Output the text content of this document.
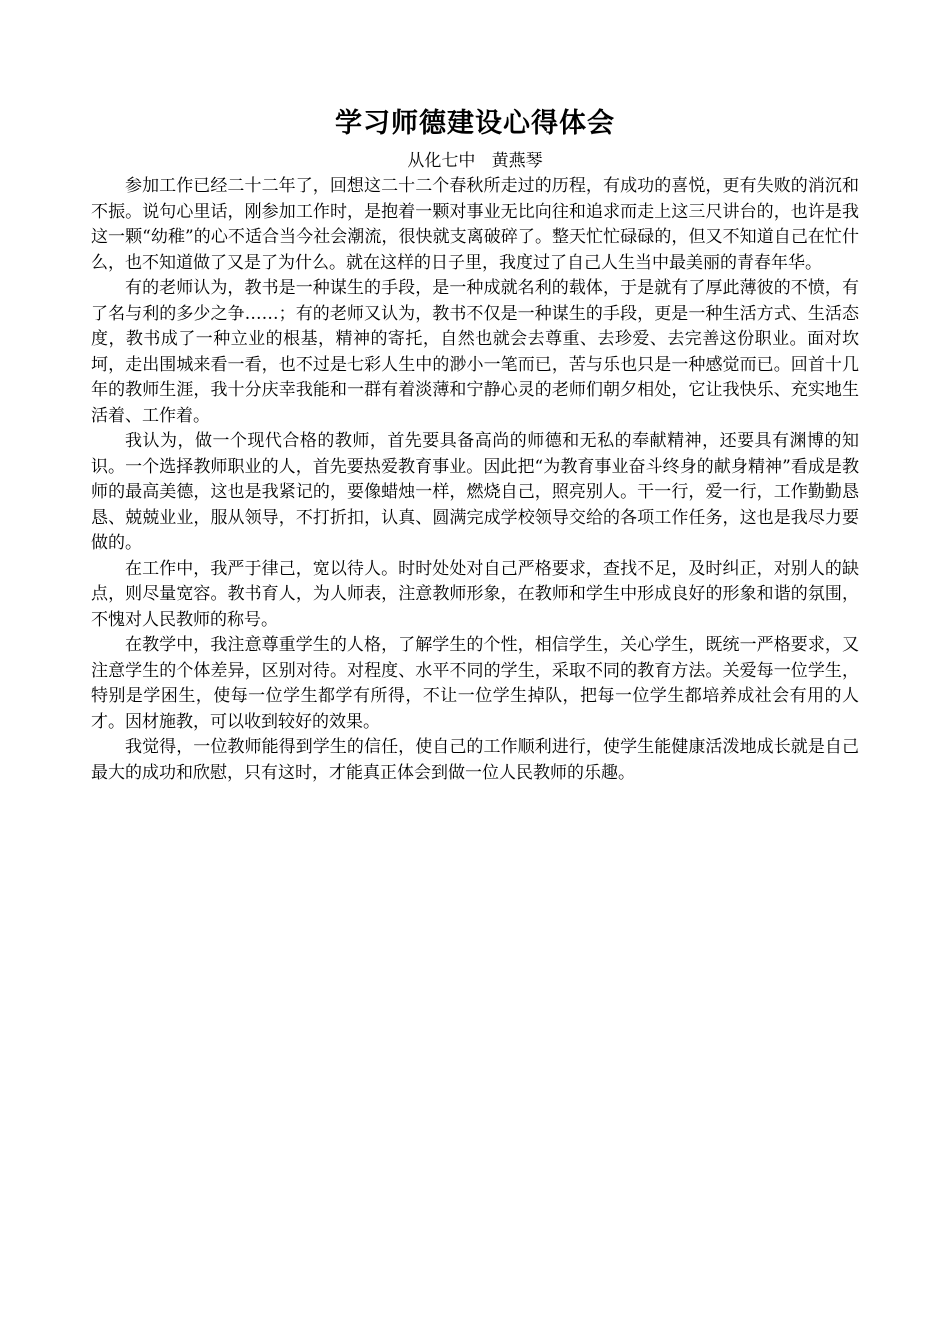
学习师德建设心得体会

从化七中   黄燕琴

参加工作已经二十二年了，回想这二十二个春秋所走过的历程，有成功的喜悦，更有失败的消沉和不振。说句心里话，刚参加工作时，是抱着一颗对事业无比向往和追求而走上这三尺讲台的，也许是我这一颗“幼稚”的心不适合当今社会潮流，很快就支离破碎了。整天忙忙碌碌的，但又不知道自己在忙什么，也不知道做了又是了为什么。就在这样的日子里，我度过了自己人生当中最美丽的青春年华。

有的老师认为，教书是一种谋生的手段，是一种成就名利的载体，于是就有了厚此薄彼的不愤，有了名与利的多少之争……；有的老师又认为，教书不仅是一种谋生的手段，更是一种生活方式、生活态度，教书成了一种立业的根基，精神的寄托，自然也就会去尊重、去珍爱、去完善这份职业。面对坎坷，走出围城来看一看，也不过是七彩人生中的渺小一笔而已，苦与乐也只是一种感觉而已。回首十几年的教师生涯，我十分庆幸我能和一群有着淡薄和宁静心灵的老师们朝夕相处，它让我快乐、充实地生活着、工作着。

我认为，做一个现代合格的教师，首先要具备高尚的师德和无私的奉献精神，还要具有渊博的知识。一个选择教师职业的人，首先要热爱教育事业。因此把“为教育事业奋斗终身的献身精神”看成是教师的最高美德，这也是我紧记的，要像蜡烛一样，燃烧自己，照亮别人。干一行，爱一行，工作勤勤恳恳、兢兢业业，服从领导，不打折扣，认真、圆满完成学校领导交给的各项工作任务，这也是我尽力要做的。

在工作中，我严于律己，宽以待人。时时处处对自己严格要求，查找不足，及时纠正，对别人的缺点，则尽量宽容。教书育人，为人师表，注意教师形象，在教师和学生中形成良好的形象和谐的氛围，不愧对人民教师的称号。

在教学中，我注意尊重学生的人格，了解学生的个性，相信学生，关心学生，既统一严格要求，又注意学生的个体差异，区别对待。对程度、水平不同的学生，采取不同的教育方法。关爱每一位学生，特别是学困生，使每一位学生都学有所得，不让一位学生掉队，把每一位学生都培养成社会有用的人才。因材施教，可以收到较好的效果。

我觉得，一位教师能得到学生的信任，使自己的工作顺利进行，使学生能健康活泼地成长就是自己最大的成功和欣慰，只有这时，才能真正体会到做一位人民教师的乐趣。
